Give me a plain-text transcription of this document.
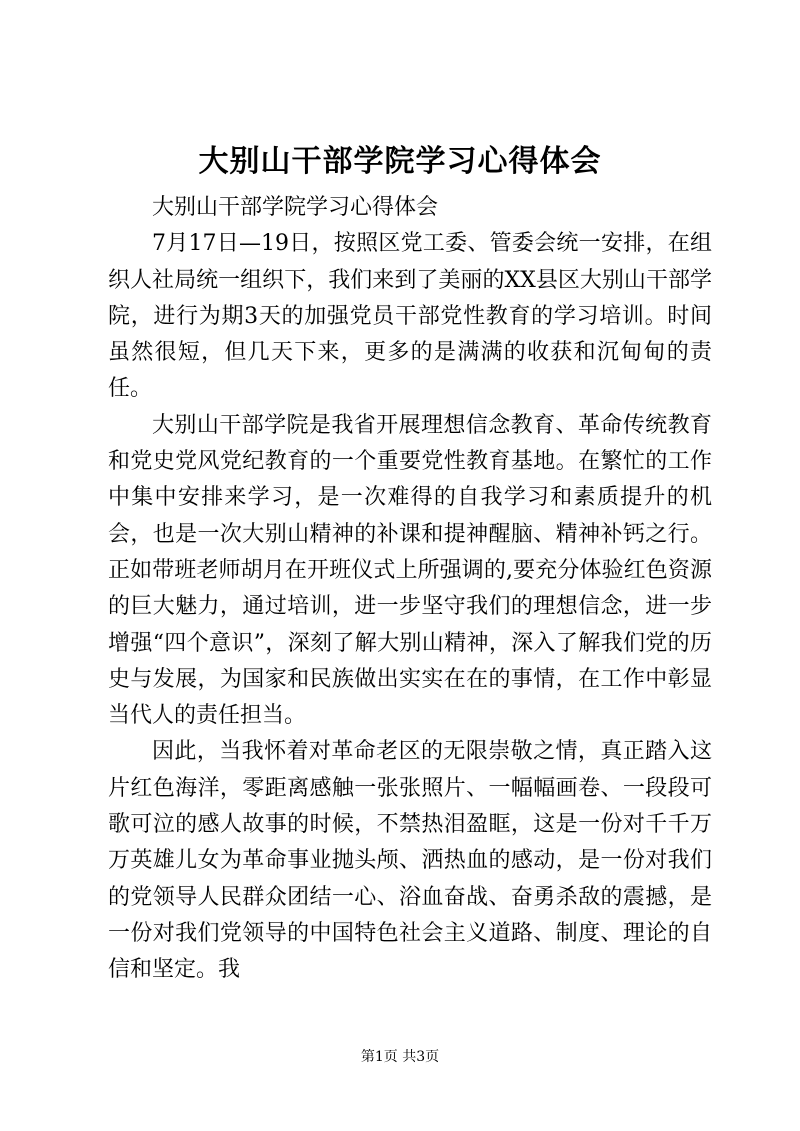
大别山干部学院学习心得体会

大别山干部学院学习心得体会

7月17日—19日，按照区党工委、管委会统一安排，在组织人社局统一组织下，我们来到了美丽的XX县区大别山干部学院，进行为期3天的加强党员干部党性教育的学习培训。时间虽然很短，但几天下来，更多的是满满的收获和沉甸甸的责任。

大别山干部学院是我省开展理想信念教育、革命传统教育和党史党风党纪教育的一个重要党性教育基地。在繁忙的工作中集中安排来学习，是一次难得的自我学习和素质提升的机会，也是一次大别山精神的补课和提神醒脑、精神补钙之行。正如带班老师胡月在开班仪式上所强调的,要充分体验红色资源的巨大魅力，通过培训，进一步坚守我们的理想信念，进一步增强“四个意识”，深刻了解大别山精神，深入了解我们党的历史与发展，为国家和民族做出实实在在的事情，在工作中彰显当代人的责任担当。

因此，当我怀着对革命老区的无限崇敬之情，真正踏入这片红色海洋，零距离感触一张张照片、一幅幅画卷、一段段可歌可泣的感人故事的时候，不禁热泪盈眶，这是一份对千千万万英雄儿女为革命事业抛头颅、洒热血的感动，是一份对我们的党领导人民群众团结一心、浴血奋战、奋勇杀敌的震撼，是一份对我们党领导的中国特色社会主义道路、制度、理论的自信和坚定。我

第1页 共3页
